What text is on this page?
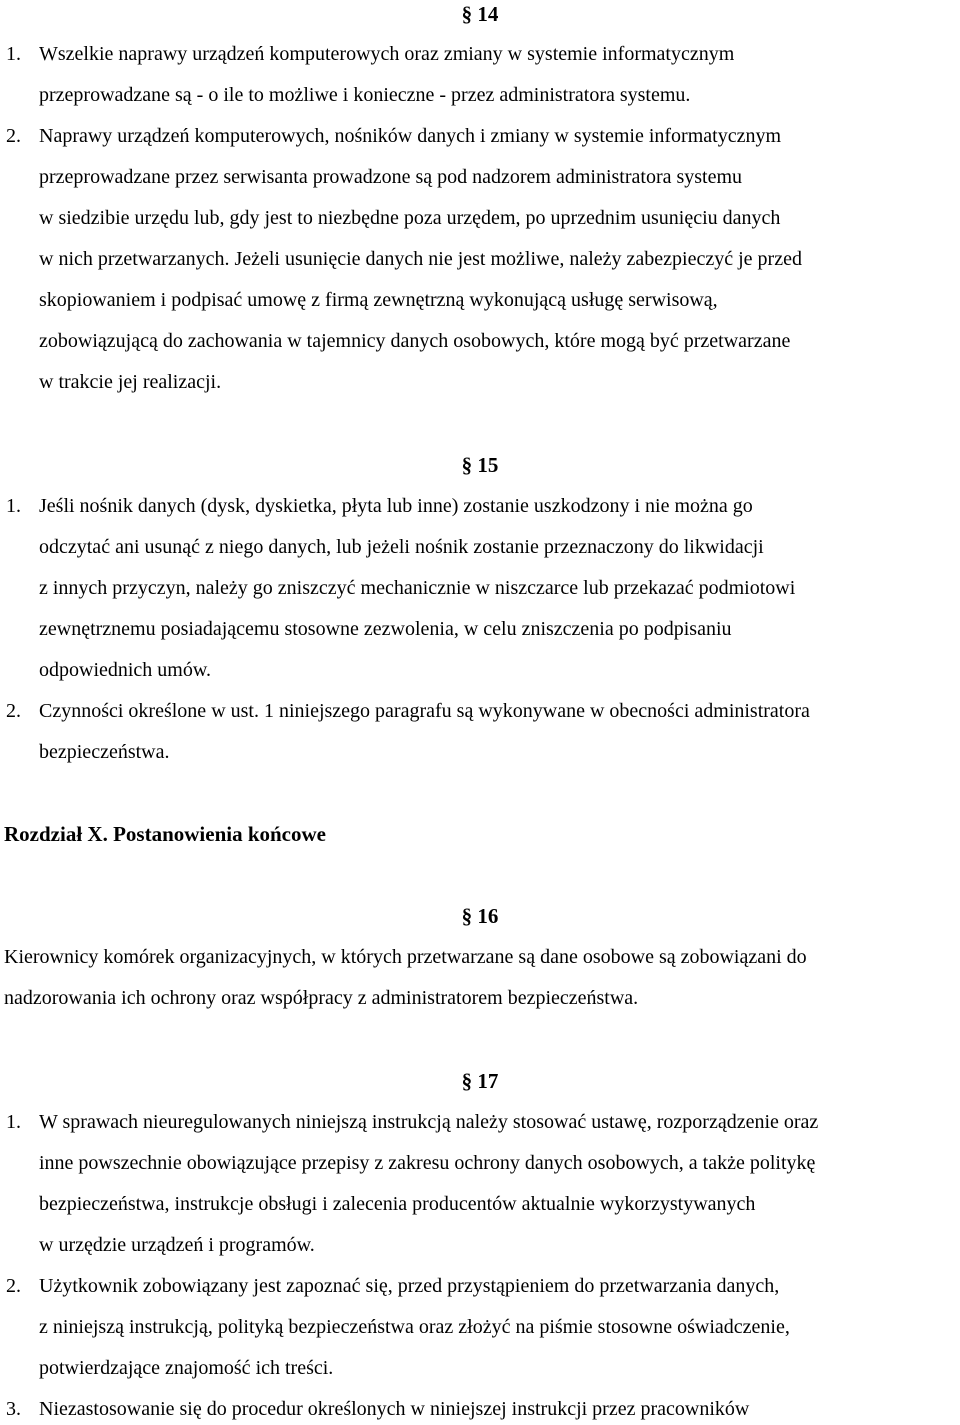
§ 14
1. Wszelkie naprawy urządzeń komputerowych oraz zmiany w systemie informatycznym
przeprowadzane są - o ile to możliwe i konieczne - przez administratora systemu.
2. Naprawy urządzeń komputerowych, nośników danych i zmiany w systemie informatycznym
przeprowadzane przez serwisanta prowadzone są pod nadzorem administratora systemu
w siedzibie urzędu lub, gdy jest to niezbędne poza urzędem, po uprzednim usunięciu danych
w nich przetwarzanych. Jeżeli usunięcie danych nie jest możliwe, należy zabezpieczyć je przed
skopiowaniem i podpisać umowę z firmą zewnętrzną wykonującą usługę serwisową,
zobowiązującą do zachowania w tajemnicy danych osobowych, które mogą być przetwarzane
w trakcie jej realizacji.
§ 15
1. Jeśli nośnik danych (dysk, dyskietka, płyta lub inne) zostanie uszkodzony i nie można go
odczytać ani usunąć z niego danych, lub jeżeli nośnik zostanie przeznaczony do likwidacji
z innych przyczyn, należy go zniszczyć mechanicznie w niszczarce lub przekazać podmiotowi
zewnętrznemu posiadającemu stosowne zezwolenia, w celu zniszczenia po podpisaniu
odpowiednich umów.
2. Czynności określone w ust. 1 niniejszego paragrafu są wykonywane w obecności administratora
bezpieczeństwa.
Rozdział X. Postanowienia końcowe
§ 16
Kierownicy komórek organizacyjnych, w których przetwarzane są dane osobowe są zobowiązani do
nadzorowania ich ochrony oraz współpracy z administratorem bezpieczeństwa.
§ 17
1. W sprawach nieuregulowanych niniejszą instrukcją należy stosować ustawę, rozporządzenie oraz
inne powszechnie obowiązujące przepisy z zakresu ochrony danych osobowych, a także politykę
bezpieczeństwa, instrukcje obsługi i zalecenia producentów aktualnie wykorzystywanych
w urzędzie urządzeń i programów.
2. Użytkownik zobowiązany jest zapoznać się, przed przystąpieniem do przetwarzania danych,
z niniejszą instrukcją, polityką bezpieczeństwa oraz złożyć na piśmie stosowne oświadczenie,
potwierdzające znajomość ich treści.
3. Niezastosowanie się do procedur określonych w niniejszej instrukcji przez pracowników
